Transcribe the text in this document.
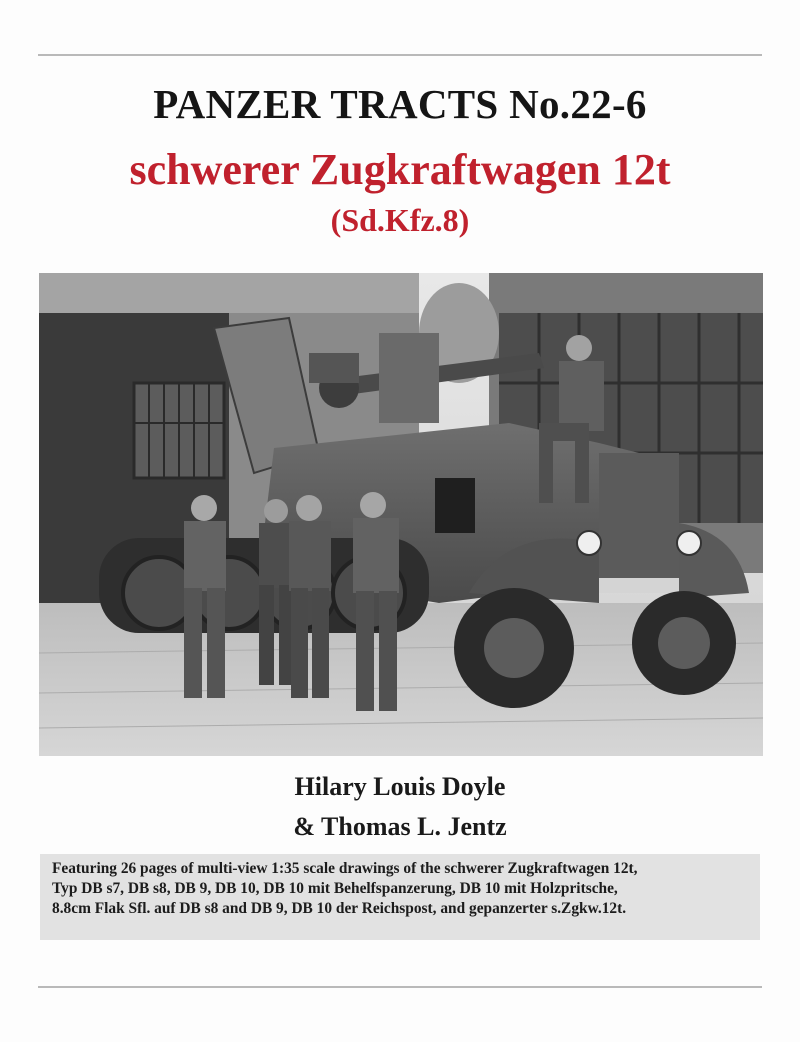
PANZER TRACTS No.22-6
schwerer Zugkraftwagen 12t
(Sd.Kfz.8)
Hilary Louis Doyle
& Thomas L. Jentz
Featuring 26 pages of multi-view 1:35 scale drawings of the schwerer Zugkraftwagen 12t,
Typ DB s7, DB s8, DB 9, DB 10, DB 10 mit Behelfspanzerung, DB 10 mit Holzpritsche,
8.8cm Flak Sfl. auf DB s8 and DB 9, DB 10 der Reichspost, and gepanzerter s.Zgkw.12t.
